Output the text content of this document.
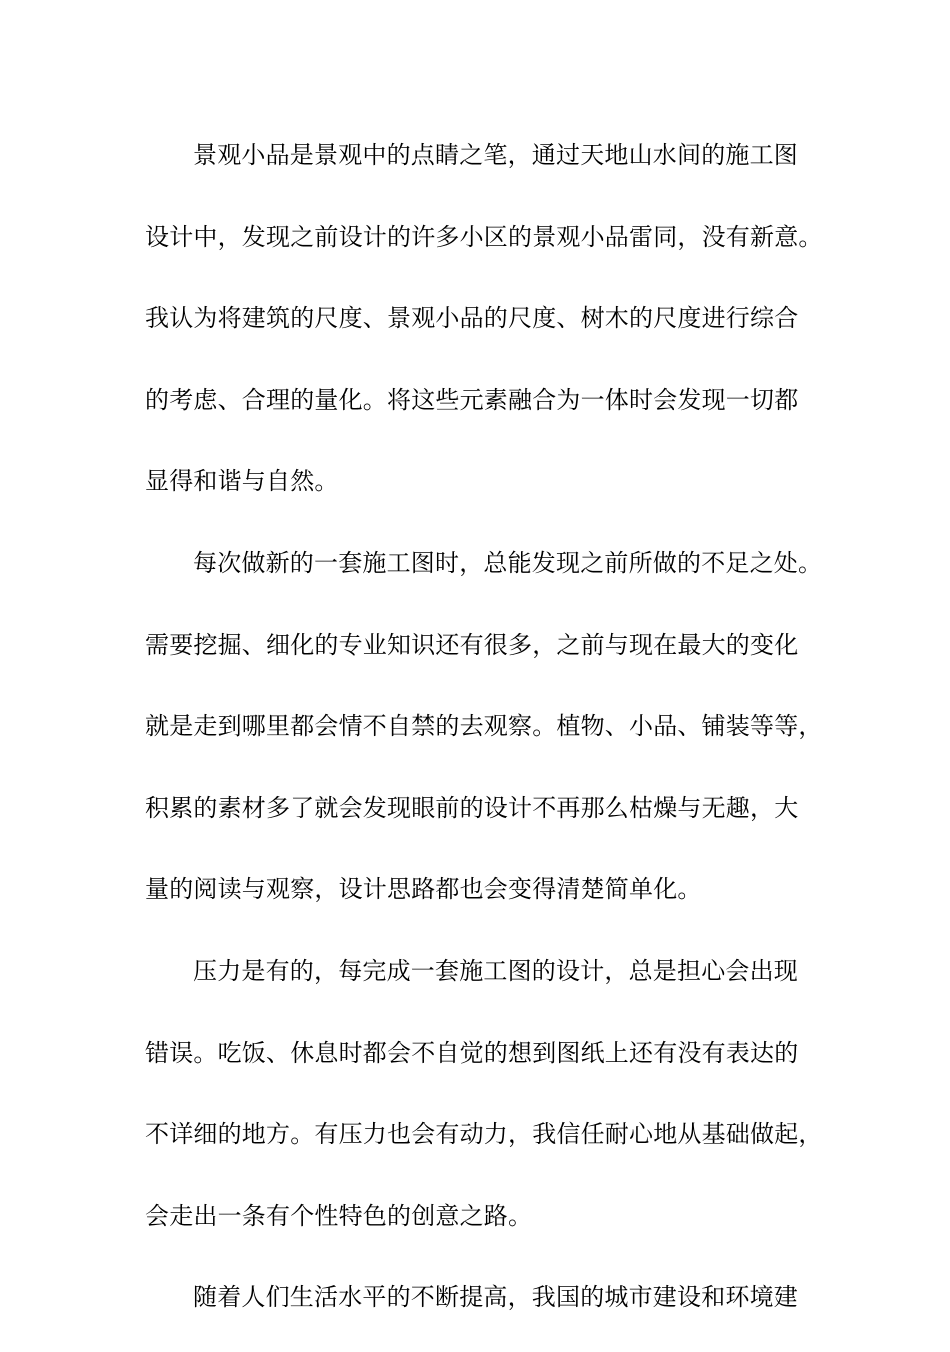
景观小品是景观中的点睛之笔，通过天地山水间的施工图
设计中，发现之前设计的许多小区的景观小品雷同，没有新意。
我认为将建筑的尺度、景观小品的尺度、树木的尺度进行综合
的考虑、合理的量化。将这些元素融合为一体时会发现一切都
显得和谐与自然。
每次做新的一套施工图时，总能发现之前所做的不足之处。
需要挖掘、细化的专业知识还有很多，之前与现在最大的变化
就是走到哪里都会情不自禁的去观察。植物、小品、铺装等等，
积累的素材多了就会发现眼前的设计不再那么枯燥与无趣，大
量的阅读与观察，设计思路都也会变得清楚简单化。
压力是有的，每完成一套施工图的设计，总是担心会出现
错误。吃饭、休息时都会不自觉的想到图纸上还有没有表达的
不详细的地方。有压力也会有动力，我信任耐心地从基础做起，
会走出一条有个性特色的创意之路。
随着人们生活水平的不断提高，我国的城市建设和环境建
